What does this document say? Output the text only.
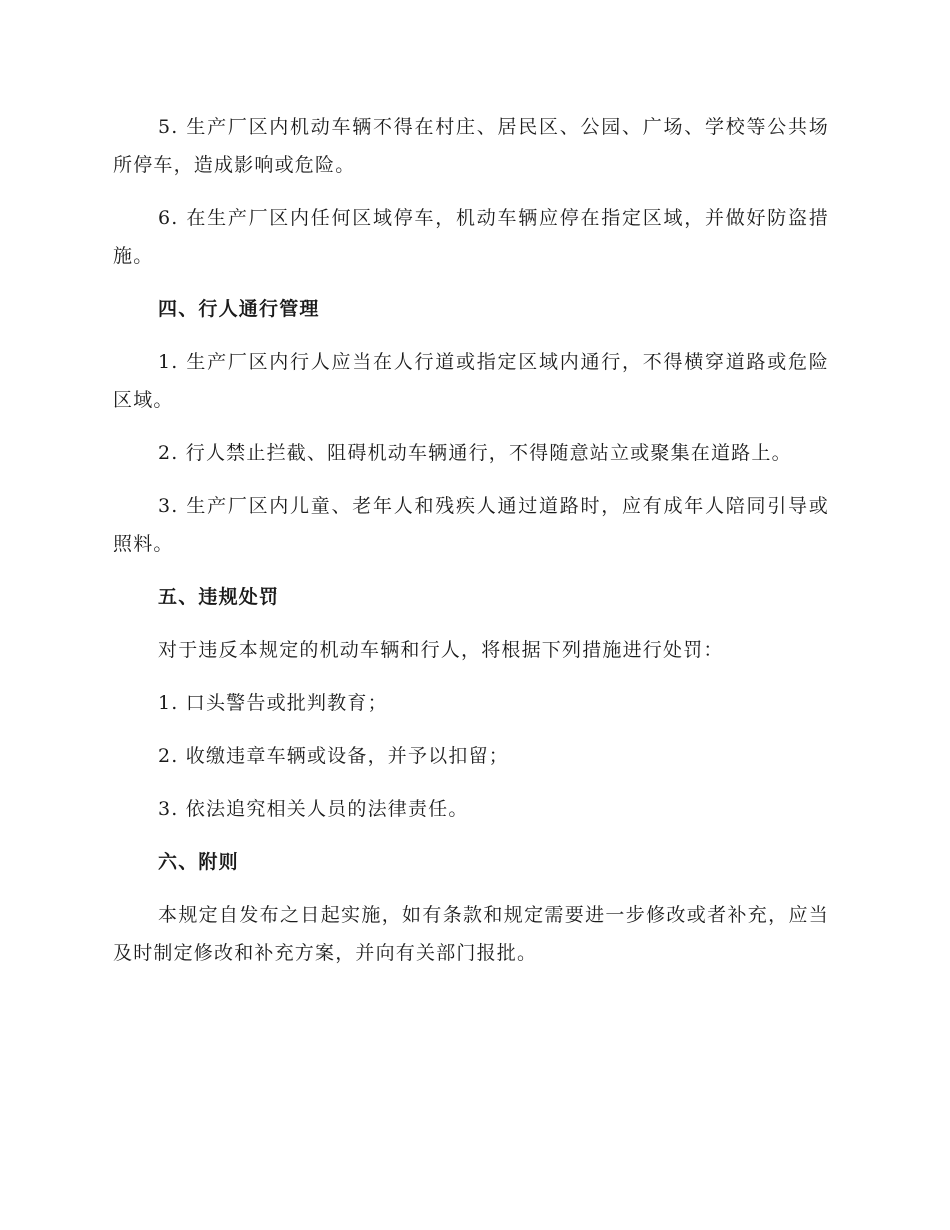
5. 生产厂区内机动车辆不得在村庄、居民区、公园、广场、学校等公共场所停车，造成影响或危险。

6. 在生产厂区内任何区域停车，机动车辆应停在指定区域，并做好防盗措施。

四、行人通行管理

1. 生产厂区内行人应当在人行道或指定区域内通行，不得横穿道路或危险区域。

2. 行人禁止拦截、阻碍机动车辆通行，不得随意站立或聚集在道路上。

3. 生产厂区内儿童、老年人和残疾人通过道路时，应有成年人陪同引导或照料。

五、违规处罚

对于违反本规定的机动车辆和行人，将根据下列措施进行处罚：

1. 口头警告或批判教育；

2. 收缴违章车辆或设备，并予以扣留；

3. 依法追究相关人员的法律责任。

六、附则

本规定自发布之日起实施，如有条款和规定需要进一步修改或者补充，应当及时制定修改和补充方案，并向有关部门报批。
